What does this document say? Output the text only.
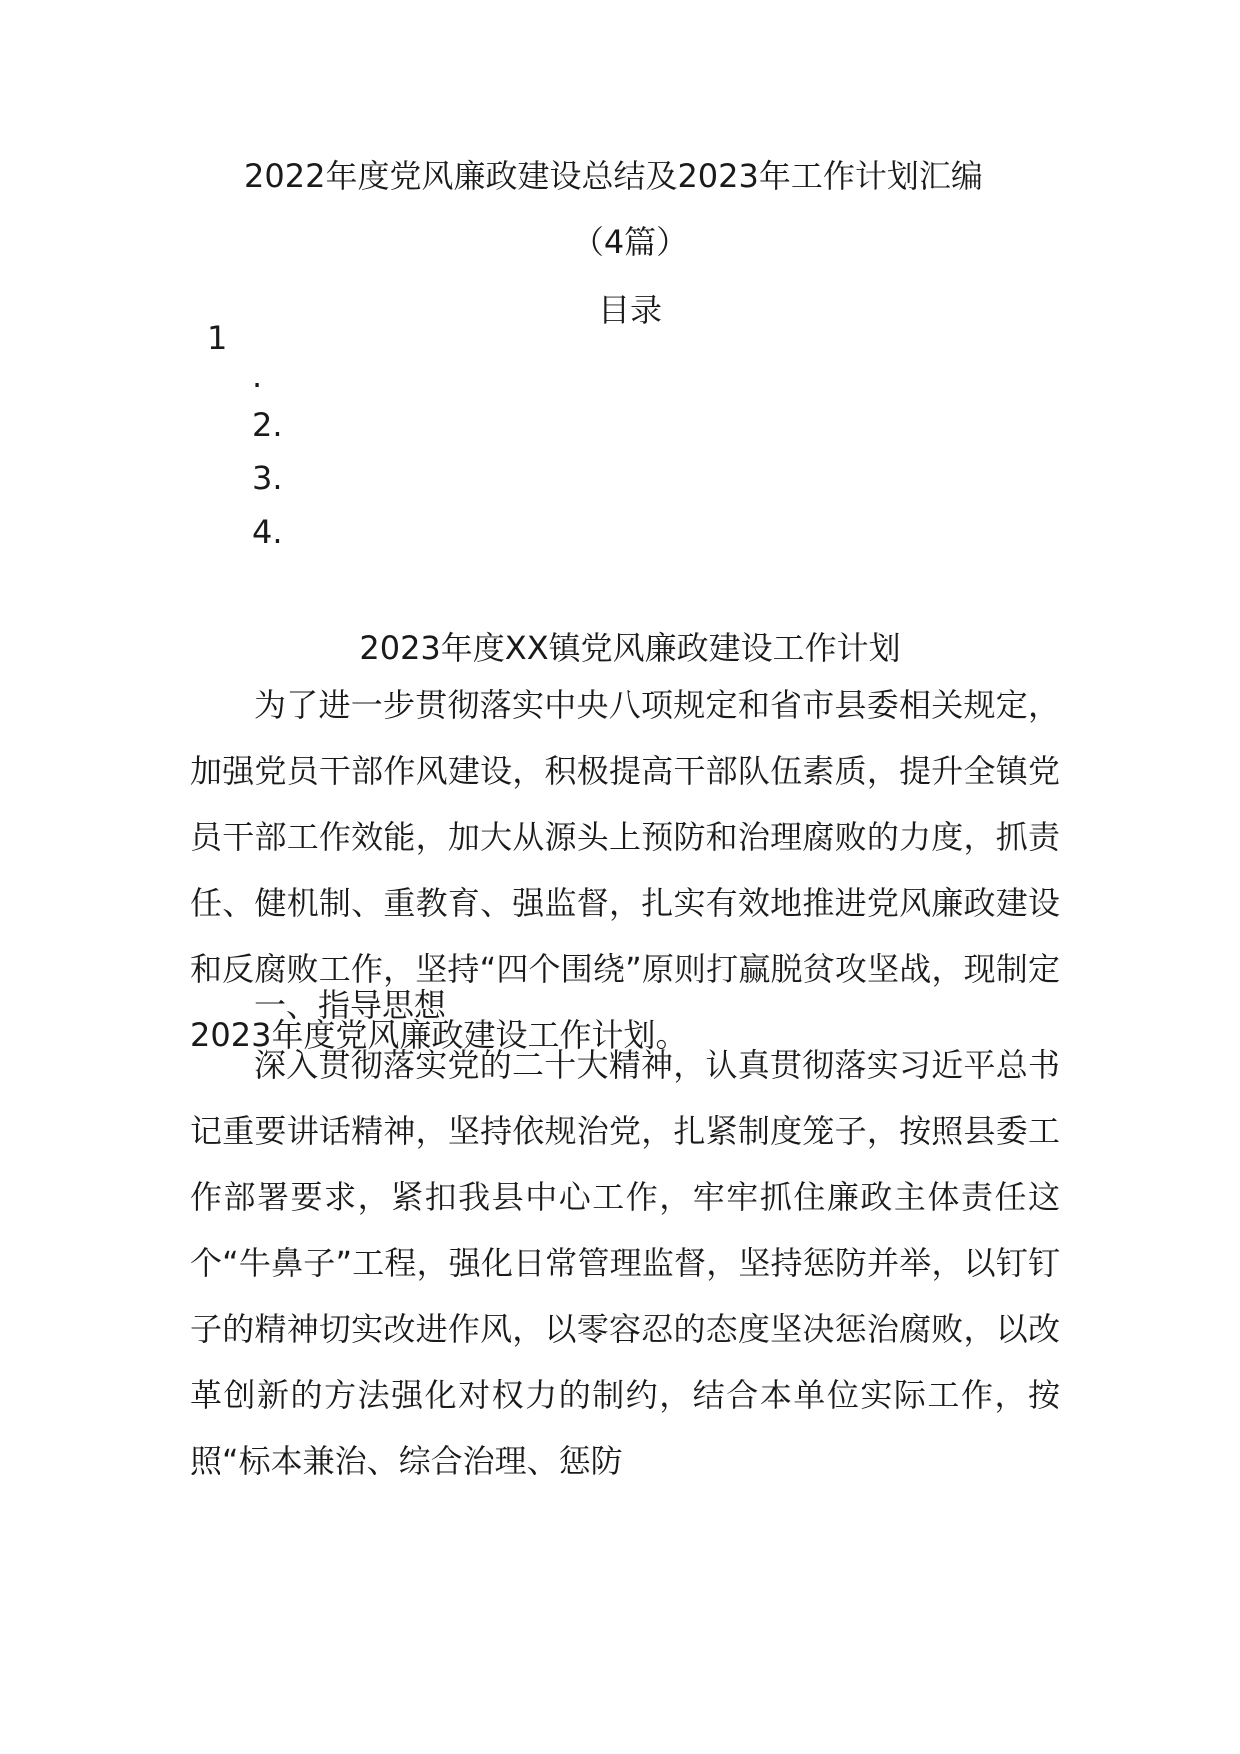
2022年度党风廉政建设总结及2023年工作计划汇编
（4篇）
目录
1
.
2.
3.
4.
2023年度XX镇党风廉政建设工作计划

为了进一步贯彻落实中央八项规定和省市县委相关规定，加强党员干部作风建设，积极提高干部队伍素质，提升全镇党员干部工作效能，加大从源头上预防和治理腐败的力度，抓责任、健机制、重教育、强监督，扎实有效地推进党风廉政建设和反腐败工作，坚持“四个围绕”原则打赢脱贫攻坚战，现制定2023年度党风廉政建设工作计划。

一、指导思想

深入贯彻落实党的二十大精神，认真贯彻落实习近平总书记重要讲话精神，坚持依规治党，扎紧制度笼子，按照县委工作部署要求，紧扣我县中心工作，牢牢抓住廉政主体责任这个“牛鼻子”工程，强化日常管理监督，坚持惩防并举，以钉钉子的精神切实改进作风，以零容忍的态度坚决惩治腐败，以改革创新的方法强化对权力的制约，结合本单位实际工作，按照“标本兼治、综合治理、惩防
